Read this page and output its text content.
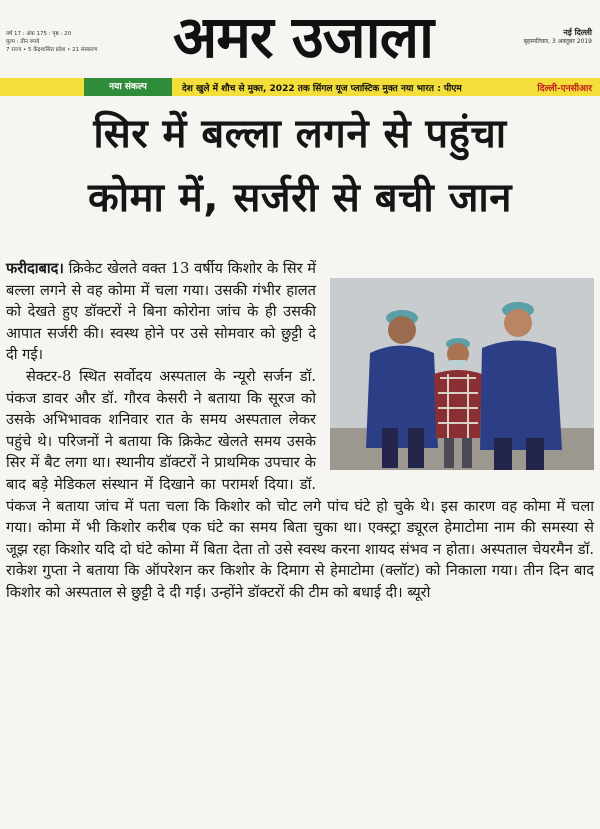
वर्ष 17 : अंक 175 : पृष्ठ : 20
मूल्य : तीन रुपये
7 राज्य • 5 केंद्रशासित प्रदेश • 21 संस्करण	अमर उजाला	नई दिल्ली
बृहस्पतिवार, 3 अक्तूबर 2019
नया संकल्प	देश खुले में शौच से मुक्त, 2022 तक सिंगल यूज प्लास्टिक मुक्त नया भारत : पीएम	दिल्ली-एनसीआर
सिर में बल्ला लगने से पहुंचा
कोमा में, सर्जरी से बची जान

फरीदाबाद। क्रिकेट खेलते वक्त 13 वर्षीय किशोर के सिर में बल्ला लगने से वह कोमा में चला गया। उसकी गंभीर हालत को देखते हुए डॉक्टरों ने बिना कोरोना जांच के ही उसकी आपात सर्जरी की। स्वस्थ होने पर उसे सोमवार को छुट्टी दे दी गई।

सेक्टर-8 स्थित सर्वोदय अस्पताल के न्यूरो सर्जन डॉ. पंकज डावर और डॉ. गौरव केसरी ने बताया कि सूरज को उसके अभिभावक शनिवार रात के समय अस्पताल लेकर पहुंचे थे। परिजनों ने बताया कि क्रिकेट खेलते समय उसके सिर में बैट लगा था। स्थानीय डॉक्टरों ने प्राथमिक उपचार के बाद बड़े मेडिकल संस्थान में दिखाने का परामर्श दिया। डॉ. पंकज ने बताया जांच में पता चला कि किशोर को चोट लगे पांच घंटे हो चुके थे। इस कारण वह कोमा में चला गया। कोमा में भी किशोर करीब एक घंटे का समय बिता चुका था। एक्स्ट्रा ड्यूरल हेमाटोमा नाम की समस्या से जूझ रहा किशोर यदि दो घंटे कोमा में बिता देता तो उसे स्वस्थ करना शायद संभव न होता। अस्पताल चेयरमैन डॉ. राकेश गुप्ता ने बताया कि ऑपरेशन कर किशोर के दिमाग से हेमाटोमा (क्लॉट) को निकाला गया। तीन दिन बाद किशोर को अस्पताल से छुट्टी दे दी गई। उन्होंने डॉक्टरों की टीम को बधाई दी। ब्यूरो
